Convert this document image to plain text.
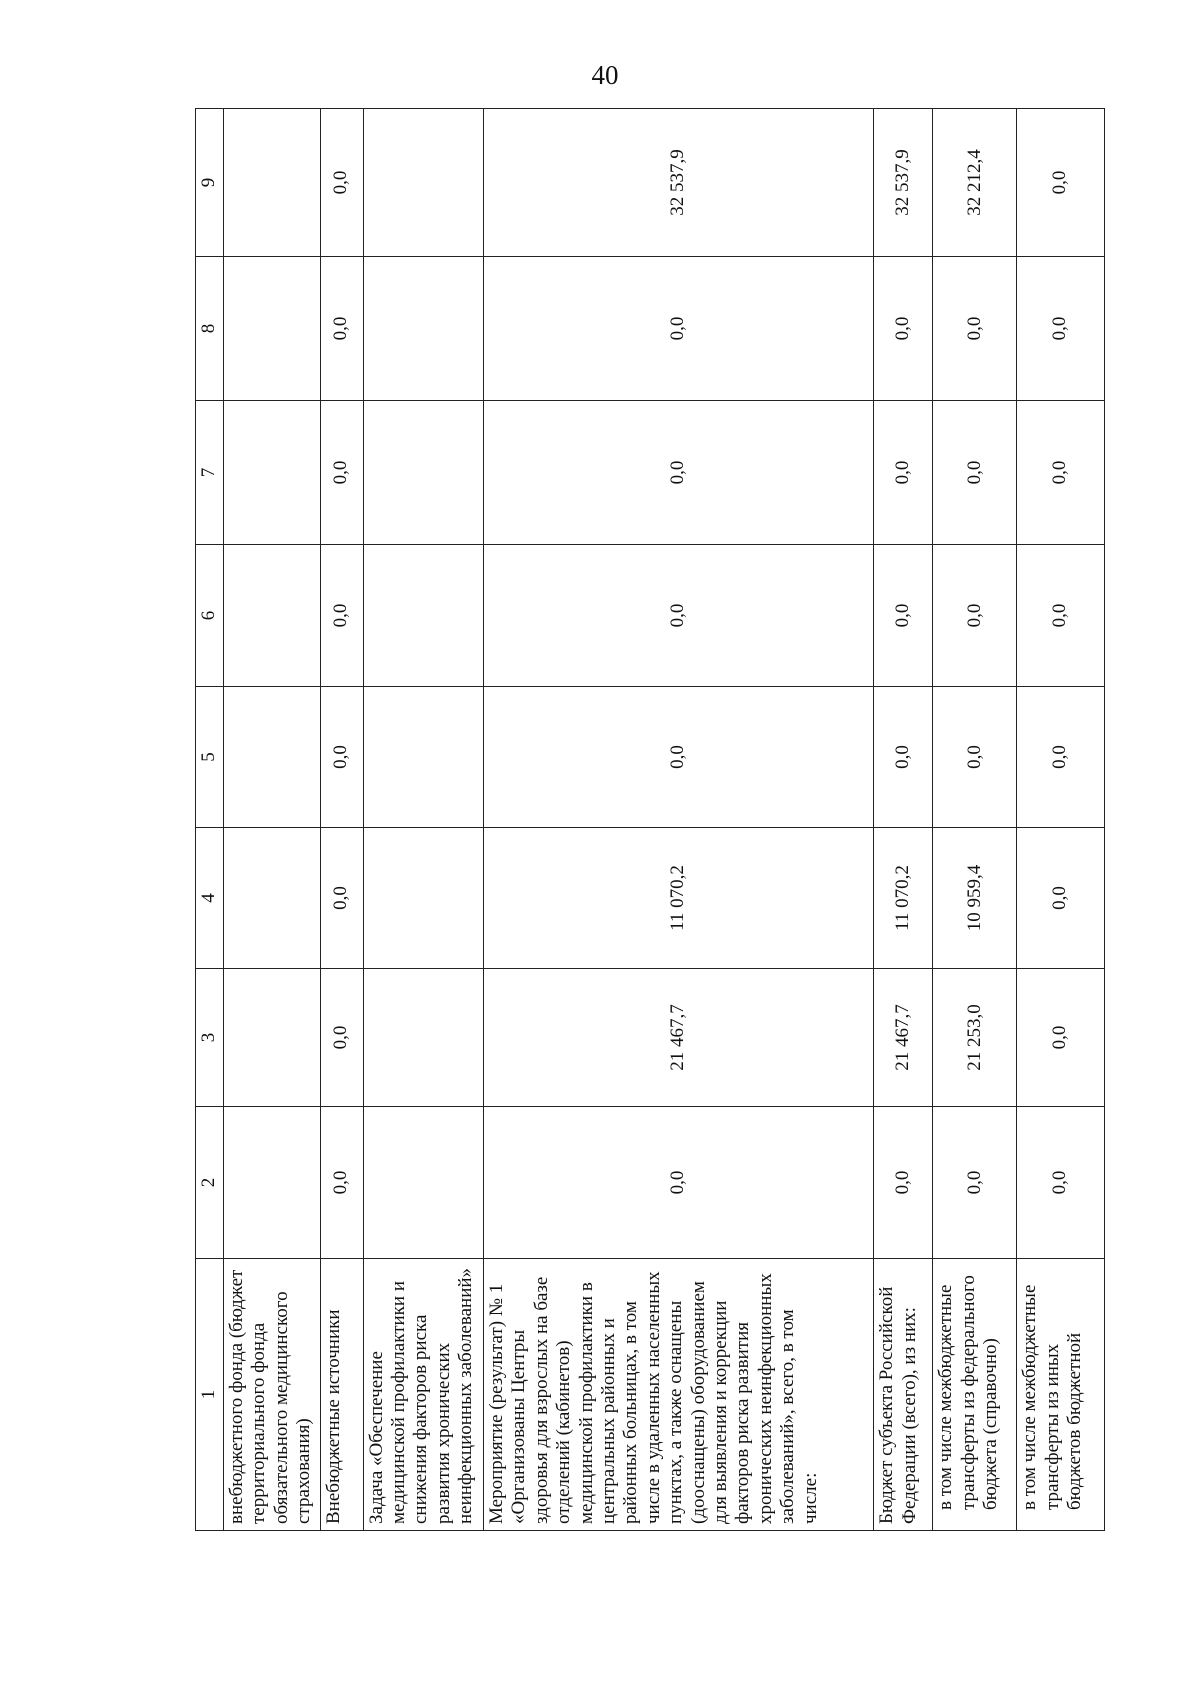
40
1	2	3	4	5	6	7	8	9
внебюджетного фонда (бюджет территориального фонда обязательного медицинского страхования)								
Внебюджетные источники	0,0	0,0	0,0	0,0	0,0	0,0	0,0	0,0
Задача «Обеспечение медицинской профилактики и снижения факторов риска развития хронических неинфекционных заболеваний»								
Мероприятие (результат) № 1 «Организованы Центры здоровья для взрослых на базе отделений (кабинетов) медицинской профилактики в центральных районных и районных больницах, в том числе в удаленных населенных пунктах, а также оснащены (дооснащены) оборудованием для выявления и коррекции факторов риска развития хронических неинфекционных заболеваний», всего, в том числе:	0,0	21 467,7	11 070,2	0,0	0,0	0,0	0,0	32 537,9
Бюджет субъекта Российской Федерации (всего), из них:	0,0	21 467,7	11 070,2	0,0	0,0	0,0	0,0	32 537,9
в том числе межбюджетные трансферты из федерального бюджета (справочно)	0,0	21 253,0	10 959,4	0,0	0,0	0,0	0,0	32 212,4
в том числе межбюджетные трансферты из иных бюджетов бюджетной	0,0	0,0	0,0	0,0	0,0	0,0	0,0	0,0
